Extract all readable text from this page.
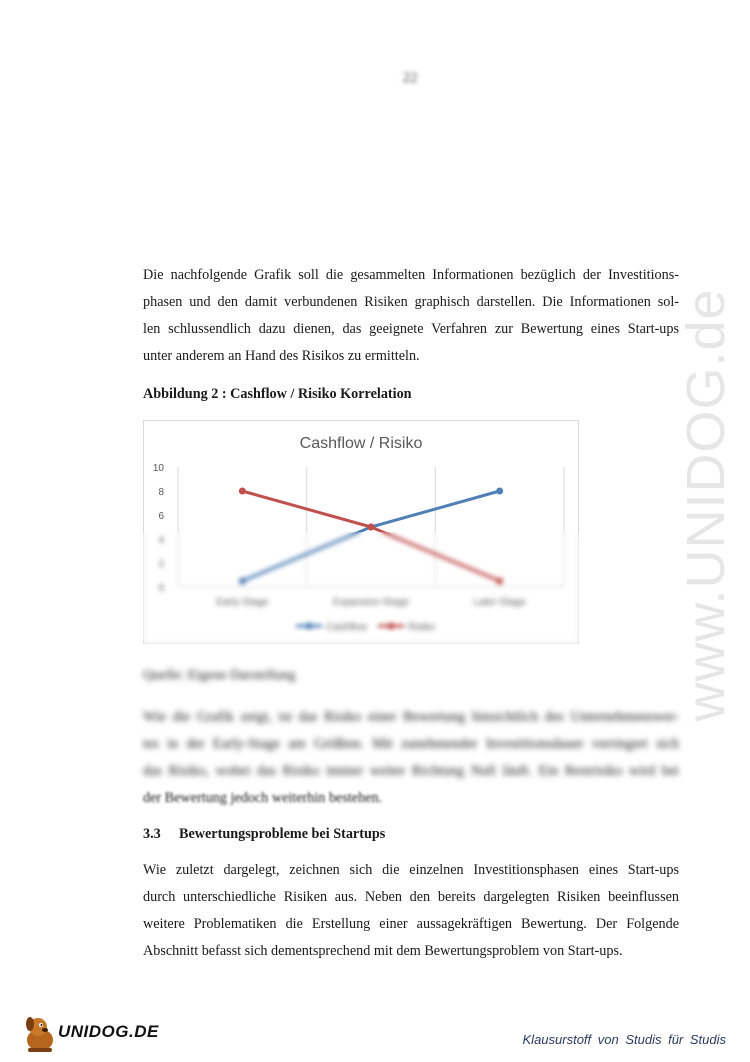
www.UNIDOG.de
22

Die nachfolgende Grafik soll die gesammelten Informationen bezüglich der Investitions-
phasen und den damit verbundenen Risiken graphisch darstellen. Die Informationen sol-
len schlussendlich dazu dienen, das geeignete Verfahren zur Bewertung eines Start-ups
unter anderem an Hand des Risikos zu ermitteln.

Abbildung 2 : Cashflow / Risiko Korrelation

Cashflow / Risiko
0
2
4
6
8
10
Early-Stage	Expansion-Stage	Later-Stage
Cashflow	Risiko

Quelle: Eigene Darstellung

Wie die Grafik zeigt, ist das Risiko einer Bewertung hinsichtlich des Unternehmenswer-
tes in der Early-Stage am Größten. Mit zunehmender Investitionsdauer verringert sich
das Risiko, wobei das Risiko immer weiter Richtung Null läuft. Ein Restrisiko wird bei
der Bewertung jedoch weiterhin bestehen.

3.3 Bewertungsprobleme bei Startups

Wie zuletzt dargelegt, zeichnen sich die einzelnen Investitionsphasen eines Start-ups
durch unterschiedliche Risiken aus. Neben den bereits dargelegten Risiken beeinflussen
weitere Problematiken die Erstellung einer aussagekräftigen Bewertung. Der Folgende
Abschnitt befasst sich dementsprechend mit dem Bewertungsproblem von Start-ups.

UNIDOG.DE	Klausurstoff von Studis für Studis
